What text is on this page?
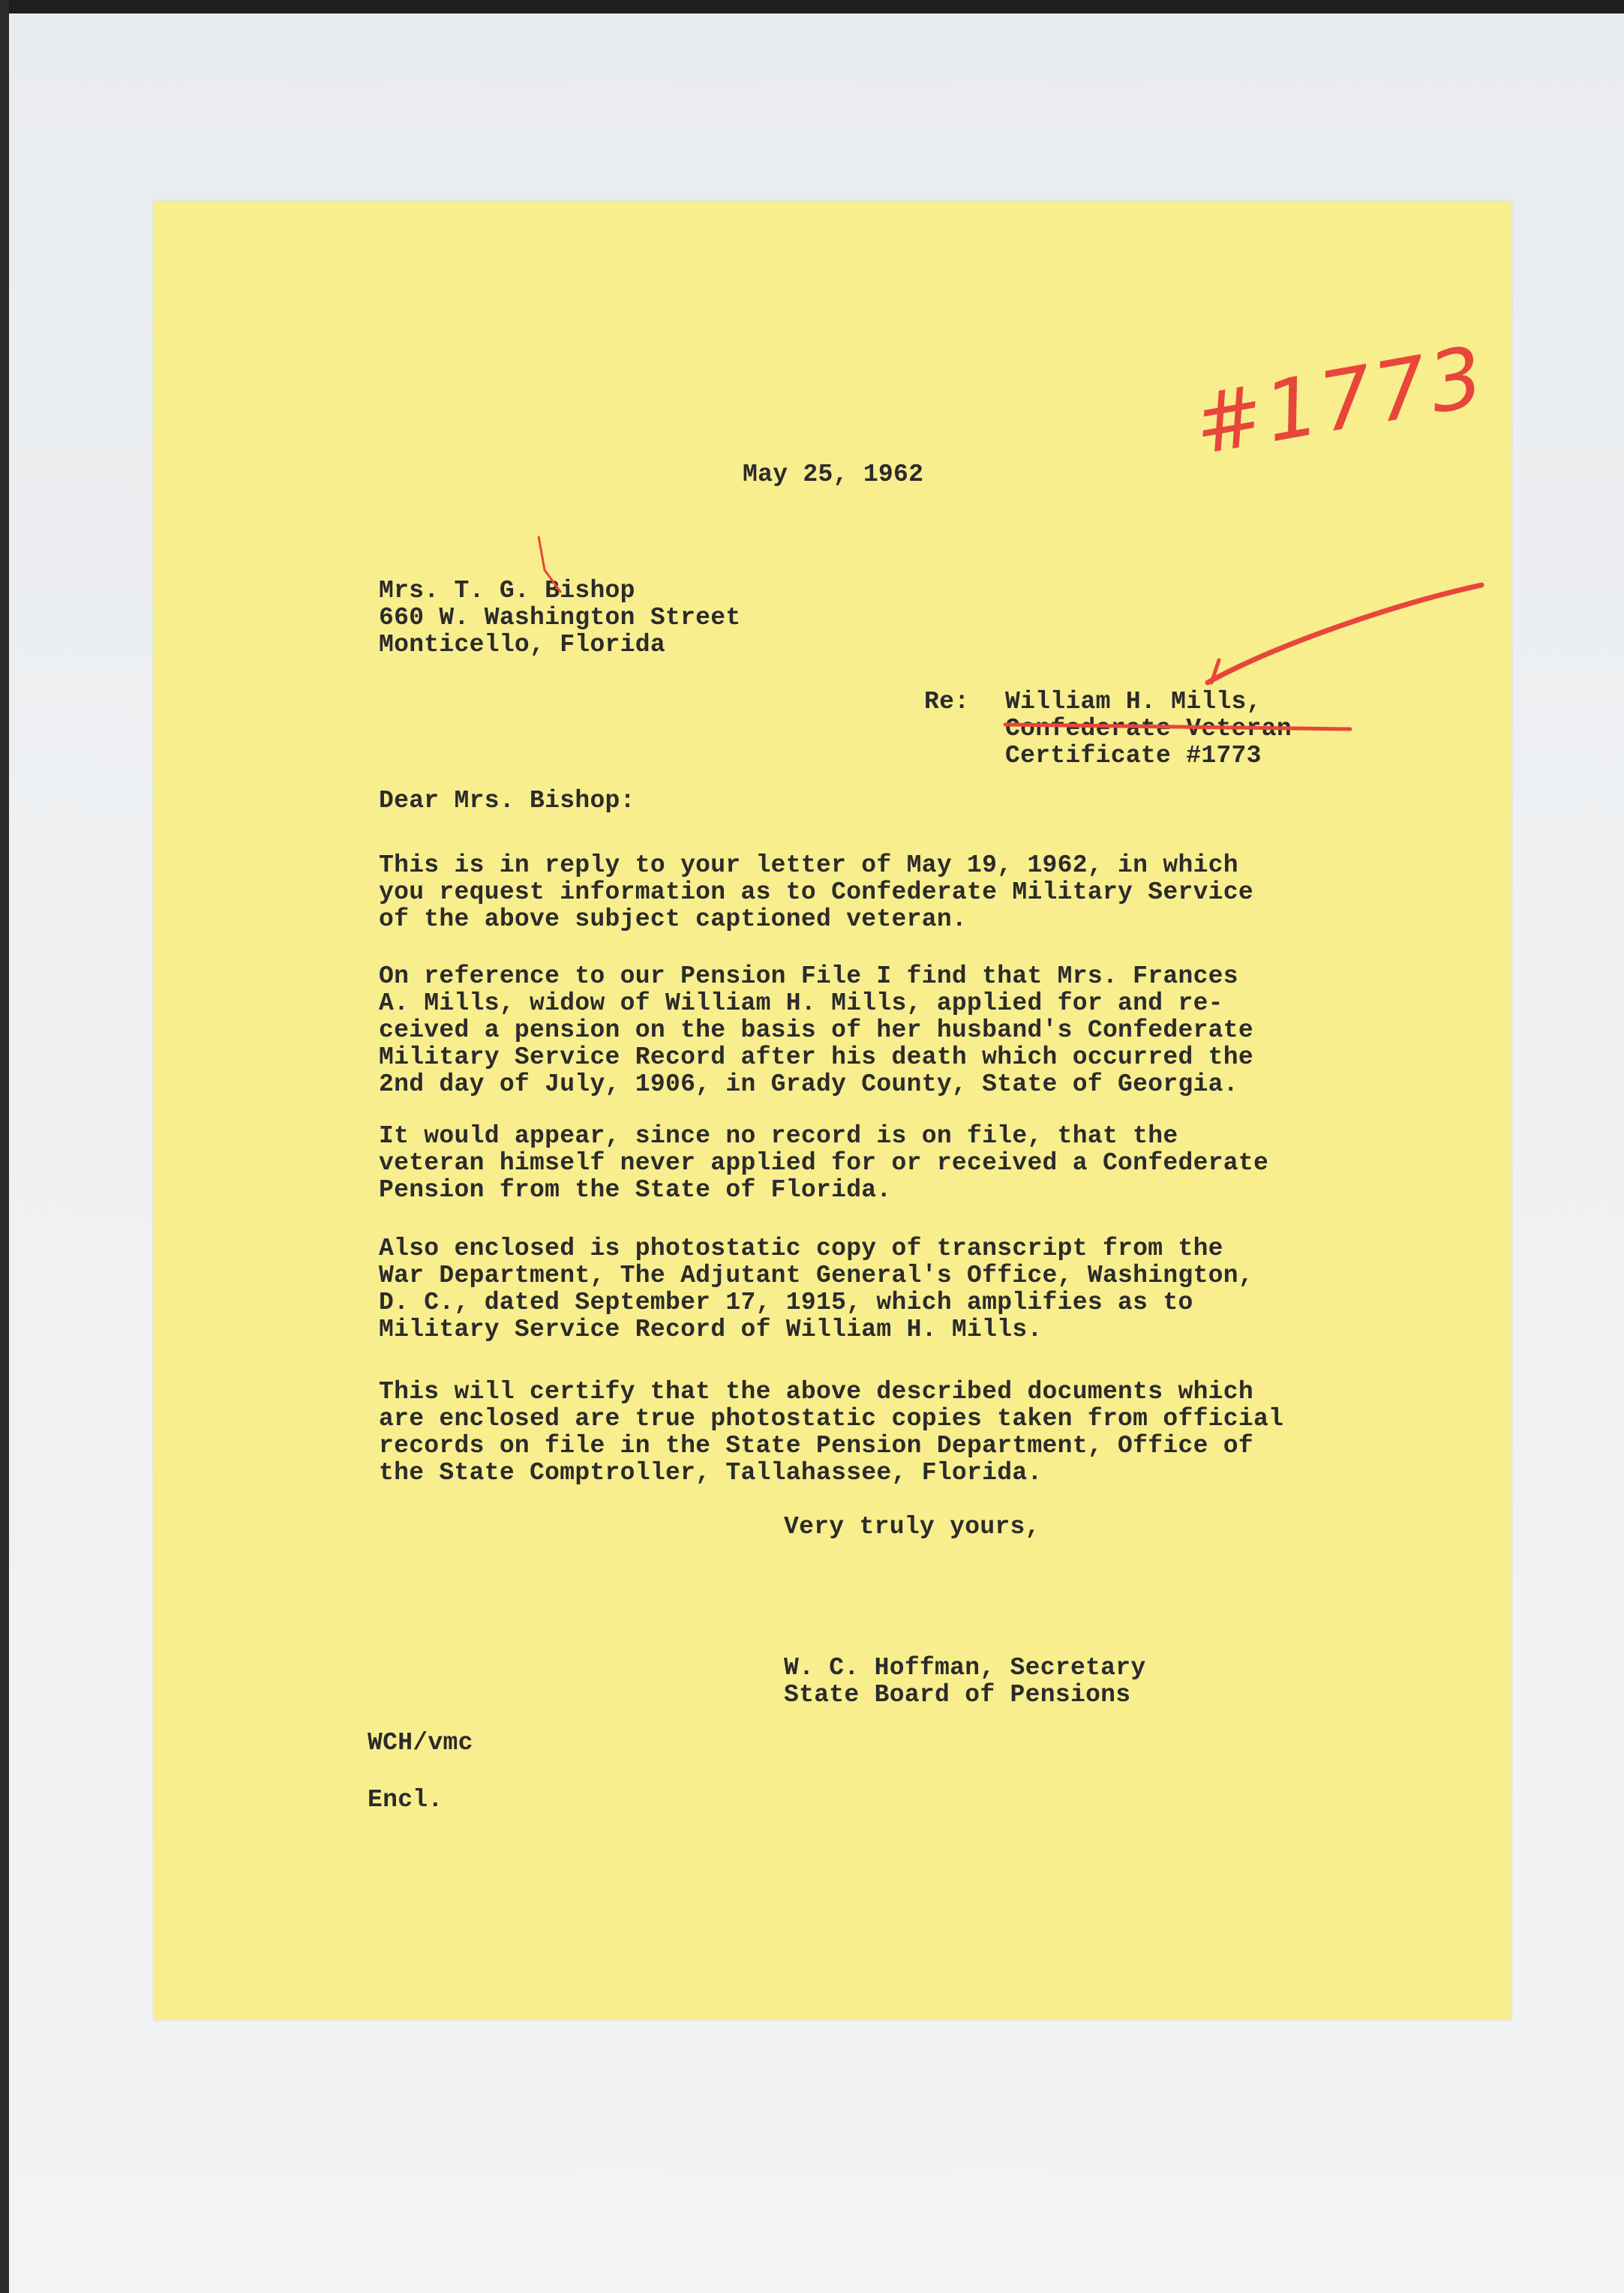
May 25, 1962

Mrs. T. G. Bishop

660 W. Washington Street

Monticello, Florida

Re: William H. Mills,

Confederate Veteran

Certificate #1773

Dear Mrs. Bishop:

This is in reply to your letter of May 19, 1962, in which

you request information as to Confederate Military Service

of the above subject captioned veteran.

On reference to our Pension File I find that Mrs. Frances

A. Mills, widow of William H. Mills, applied for and re-

ceived a pension on the basis of her husband's Confederate

Military Service Record after his death which occurred the

2nd day of July, 1906, in Grady County, State of Georgia.

It would appear, since no record is on file, that the

veteran himself never applied for or received a Confederate

Pension from the State of Florida.

Also enclosed is photostatic copy of transcript from the

War Department, The Adjutant General's Office, Washington,

D. C., dated September 17, 1915, which amplifies as to

Military Service Record of William H. Mills.

This will certify that the above described documents which

are enclosed are true photostatic copies taken from official

records on file in the State Pension Department, Office of

the State Comptroller, Tallahassee, Florida.

Very truly yours,

W. C. Hoffman, Secretary

State Board of Pensions

WCH/vmc

Encl.

#1773
